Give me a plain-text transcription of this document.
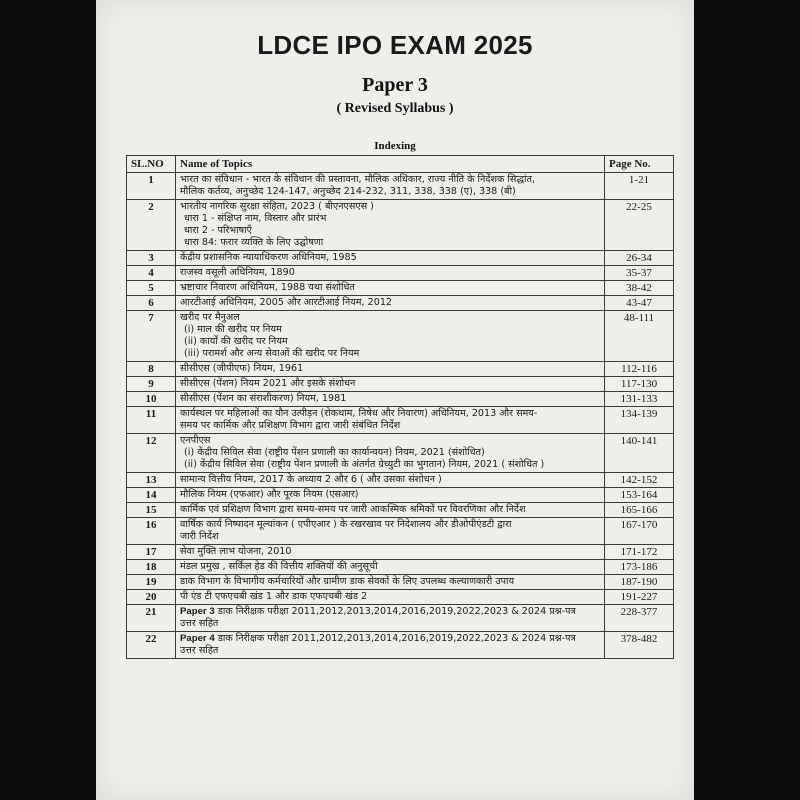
LDCE IPO EXAM 2025
Paper 3
( Revised Syllabus )
Indexing
SL.NO	Name of Topics	Page No.
1	भारत का संविधान - भारत के संविधान की प्रस्तावना, मौलिक अधिकार, राज्य नीति के निर्देशक सिद्धांत,
मौलिक कर्तव्य, अनुच्छेद 124-147, अनुच्छेद 214-232, 311, 338, 338 (ए), 338 (बी)	1-21
2	भारतीय नागरिक सुरक्षा संहिता, 2023 ( बीएनएसएस )
धारा 1 - संक्षिप्त नाम, विस्तार और प्रारंभ
धारा 2 - परिभाषाएँ
धारा 84: फरार व्यक्ति के लिए उद्घोषणा	22-25
3	केंद्रीय प्रशासनिक न्यायाधिकरण अधिनियम, 1985	26-34
4	राजस्व वसूली अधिनियम, 1890	35-37
5	भ्रष्टाचार निवारण अधिनियम, 1988 यथा संशोधित	38-42
6	आरटीआई अधिनियम, 2005 और आरटीआई नियम, 2012	43-47
7	खरीद पर मैनुअल
(i) माल की खरीद पर नियम
(ii) कार्यों की खरीद पर नियम
(iii) परामर्श और अन्य सेवाओं की खरीद पर नियम	48-111
8	सीसीएस (जीपीएफ) नियम, 1961	112-116
9	सीसीएस (पेंशन) नियम 2021 और इसके संशोधन	117-130
10	सीसीएस (पेंशन का संराशीकरण) नियम, 1981	131-133
11	कार्यस्थल पर महिलाओं का यौन उत्पीड़न (रोकथाम, निषेध और निवारण) अधिनियम, 2013 और समय-
समय पर कार्मिक और प्रशिक्षण विभाग द्वारा जारी संबंधित निर्देश	134-139
12	एनपीएस
(i) केंद्रीय सिविल सेवा (राष्ट्रीय पेंशन प्रणाली का कार्यान्वयन) नियम, 2021 (संशोधित)
(ii) केंद्रीय सिविल सेवा (राष्ट्रीय पेंशन प्रणाली के अंतर्गत ग्रेच्युटी का भुगतान) नियम, 2021 ( संशोधित )	140-141
13	सामान्य वित्तीय नियम, 2017 के अध्याय 2 और 6 ( और उसका संशोधन )	142-152
14	मौलिक नियम (एफआर) और पूरक नियम (एसआर)	153-164
15	कार्मिक एवं प्रशिक्षण विभाग द्वारा समय-समय पर जारी आकस्मिक श्रमिकों पर विवरणिका और निर्देश	165-166
16	वार्षिक कार्य निष्पादन मूल्यांकन ( एपीएआर ) के रखरखाव पर निदेशालय और डीओपीएंडटी द्वारा
जारी निर्देश	167-170
17	सेवा मुक्ति लाभ योजना, 2010	171-172
18	मंडल प्रमुख , सर्किल हेड की वित्तीय शक्तियों की अनुसूची	173-186
19	डाक विभाग के विभागीय कर्मचारियों और ग्रामीण डाक सेवकों के लिए उपलब्ध कल्याणकारी उपाय	187-190
20	पी एंड टी एफएचबी खंड 1 और डाक एफएचबी खंड 2	191-227
21	Paper 3 डाक निरीक्षक परीक्षा 2011,2012,2013,2014,2016,2019,2022,2023 & 2024 प्रश्न-पत्र
उत्तर सहित	228-377
22	Paper 4 डाक निरीक्षक परीक्षा 2011,2012,2013,2014,2016,2019,2022,2023 & 2024 प्रश्न-पत्र
उत्तर सहित	378-482
